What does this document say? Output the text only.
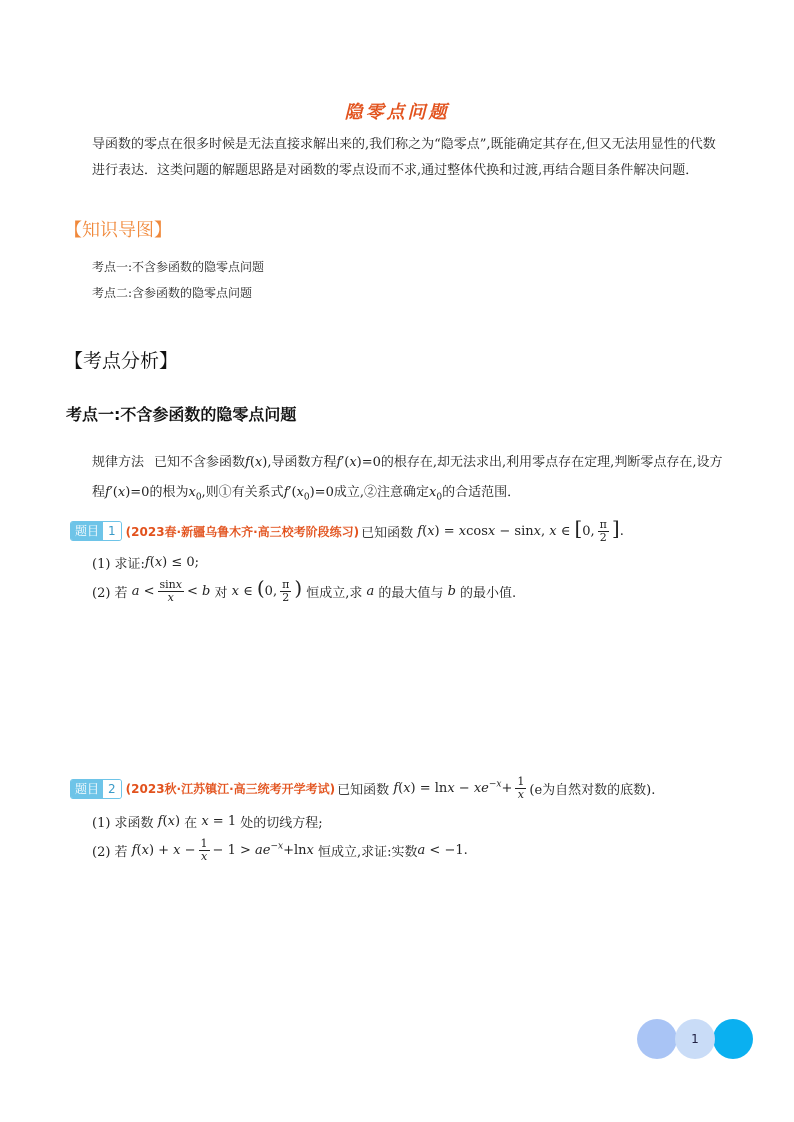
隐零点问题
导函数的零点在很多时候是无法直接求解出来的,我们称之为“隐零点”,既能确定其存在,但又无法用显性的代数进行表达．这类问题的解题思路是对函数的零点设而不求,通过整体代换和过渡,再结合题目条件解决问题．
【知识导图】
考点一:不含参函数的隐零点问题
考点二:含参函数的隐零点问题
【考点分析】
考点一:不含参函数的隐零点问题
规律方法 已知不含参函数f(x),导函数方程f′(x)=0的根存在,却无法求出,利用零点存在定理,判断零点存在,设方程f′(x)=0的根为$x_0$,则①有关系式$f'(x_0)=0$成立,②注意确定$x_0$的合适范围．
题目 1 (2023春·新疆乌鲁木齐·高三校考阶段练习) 已知函数 f(x) = xcosx − sinx, x ∈ [0, $\frac{\pi}{2}$ ].
(1) 求证: f(x) ≤ 0;
(2) 若 $a < \frac{\sin x}{x} < b$ 对 x ∈ (0, $\frac{\pi}{2}$ ) 恒成立,求 a 的最大值与 b 的最小值.
题目 2 (2023秋·江苏镇江·高三统考开学考试) 已知函数 $f(x) = \ln x - xe^{-x}+ \frac{1}{x} (e$为自然对数的底数).
(1) 求函数 f(x) 在 x = 1 处的切线方程;
(2) 若 $f(x) + x - \frac{1}{x} - 1 > ae^{-x}+\ln x$ 恒成立,求证:实数 a < −1.
1
